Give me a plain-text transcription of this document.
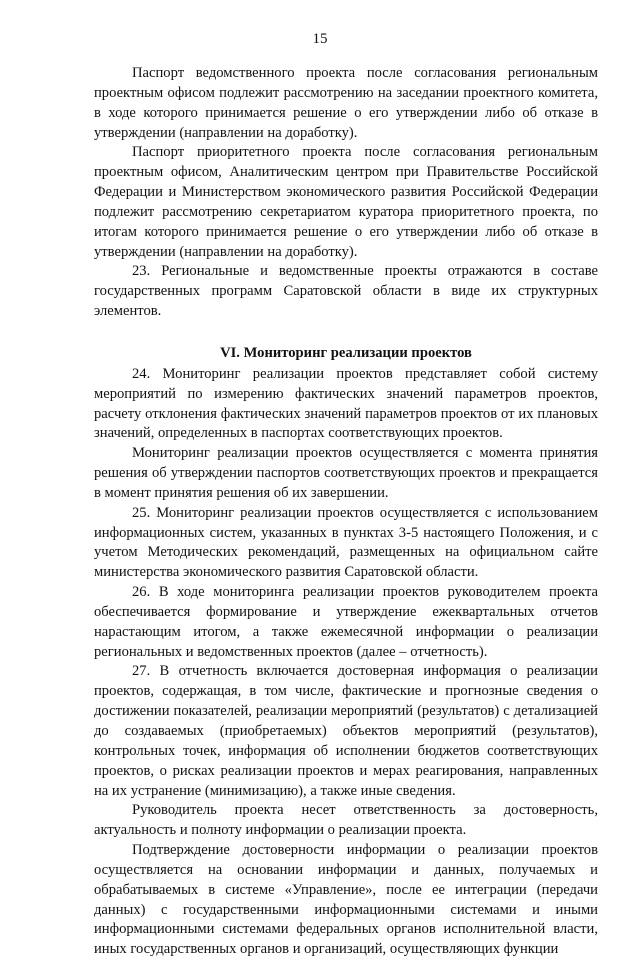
15

Паспорт ведомственного проекта после согласования региональным проектным офисом подлежит рассмотрению на заседании проектного комитета, в ходе которого принимается решение о его утверждении либо об отказе в утверждении (направлении на доработку).

Паспорт приоритетного проекта после согласования региональным проектным офисом, Аналитическим центром при Правительстве Российской Федерации и Министерством экономического развития Российской Федерации подлежит рассмотрению секретариатом куратора приоритетного проекта, по итогам которого принимается решение о его утверждении либо об отказе в утверждении (направлении на доработку).

23. Региональные и ведомственные проекты отражаются в составе государственных программ Саратовской области в виде их структурных элементов.

VI. Мониторинг реализации проектов

24. Мониторинг реализации проектов представляет собой систему мероприятий по измерению фактических значений параметров проектов, расчету отклонения фактических значений параметров проектов от их плановых значений, определенных в паспортах соответствующих проектов.

Мониторинг реализации проектов осуществляется с момента принятия решения об утверждении паспортов соответствующих проектов и прекращается в момент принятия решения об их завершении.

25. Мониторинг реализации проектов осуществляется с использованием информационных систем, указанных в пунктах 3-5 настоящего Положения, и с учетом Методических рекомендаций, размещенных на официальном сайте министерства экономического развития Саратовской области.

26. В ходе мониторинга реализации проектов руководителем проекта обеспечивается формирование и утверждение ежеквартальных отчетов нарастающим итогом, а также ежемесячной информации о реализации региональных и ведомственных проектов (далее – отчетность).

27. В отчетность включается достоверная информация о реализации проектов, содержащая, в том числе, фактические и прогнозные сведения о достижении показателей, реализации мероприятий (результатов) с детализацией до создаваемых (приобретаемых) объектов мероприятий (результатов), контрольных точек, информация об исполнении бюджетов соответствующих проектов, о рисках реализации проектов и мерах реагирования, направленных на их устранение (минимизацию), а также иные сведения.

Руководитель проекта несет ответственность за достоверность, актуальность и полноту информации о реализации проекта.

Подтверждение достоверности информации о реализации проектов осуществляется на основании информации и данных, получаемых и обрабатываемых в системе «Управление», после ее интеграции (передачи данных) с государственными информационными системами и иными информационными системами федеральных органов исполнительной власти, иных государственных органов и организаций, осуществляющих функции
